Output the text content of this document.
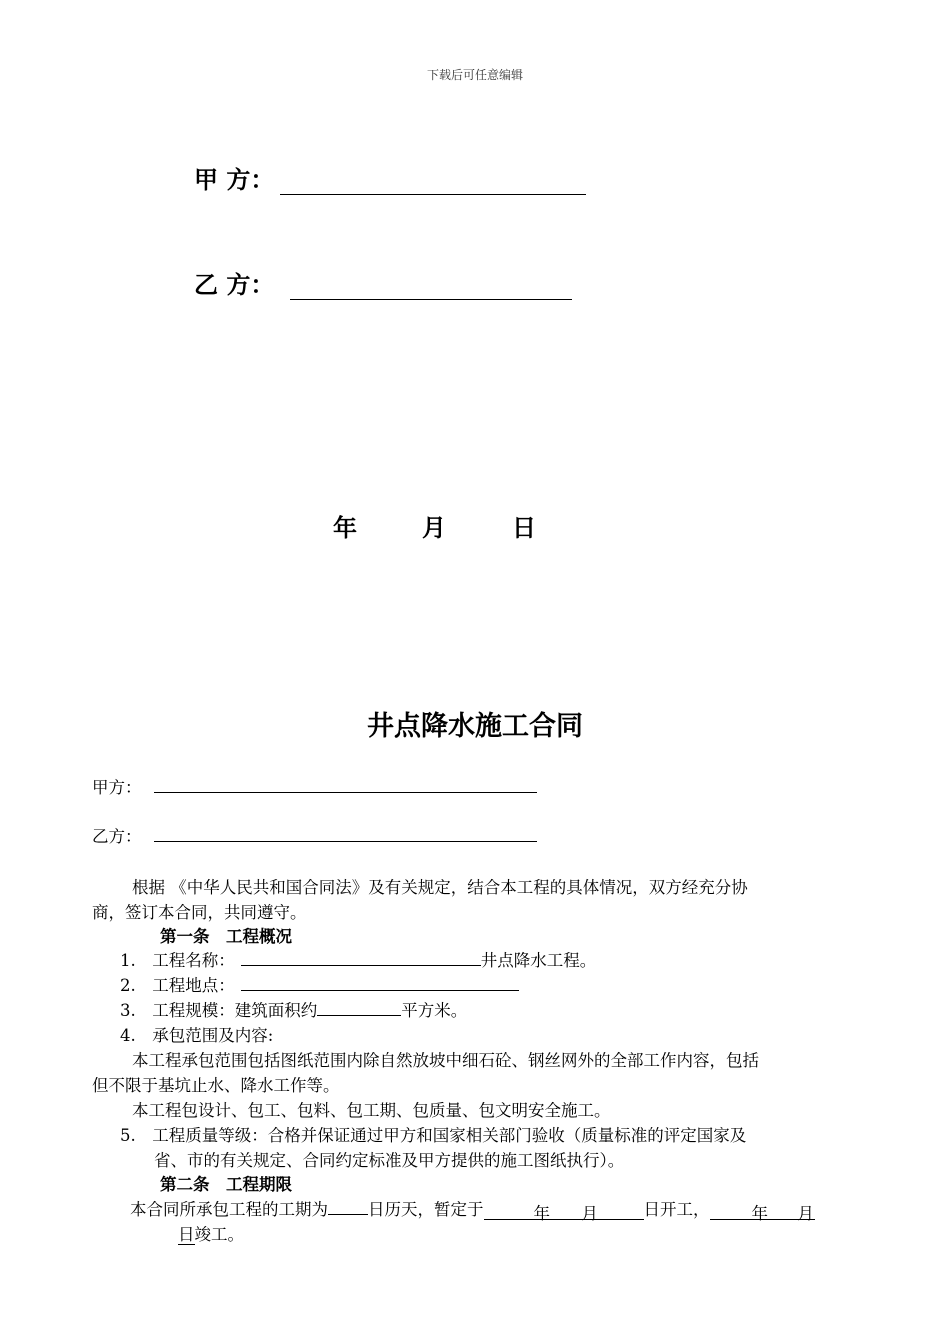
下载后可任意编辑
甲 方：
乙 方：
年	月	日
井点降水施工合同
甲方：
乙方：
根据 《中华人民共和国合同法》及有关规定，结合本工程的具体情况，双方经充分协
商，签订本合同，共同遵守。
第一条　工程概况
1.　工程名称：	井点降水工程。
2.　工程地点：
3.　工程规模：建筑面积约	平方米。
4.　承包范围及内容:
本工程承包范围包括图纸范围内除自然放坡中细石砼、钢丝网外的全部工作内容，包括
但不限于基坑止水、降水工作等。
本工程包设计、包工、包料、包工期、包质量、包文明安全施工。
5.　工程质量等级：合格并保证通过甲方和国家相关部门验收（质量标准的评定国家及
省、市的有关规定、合同约定标准及甲方提供的施工图纸执行）。
第二条　工程期限
本合同所承包工程的工期为 日历天，暂定于	年 月	日开工，	年 月

日竣工。
